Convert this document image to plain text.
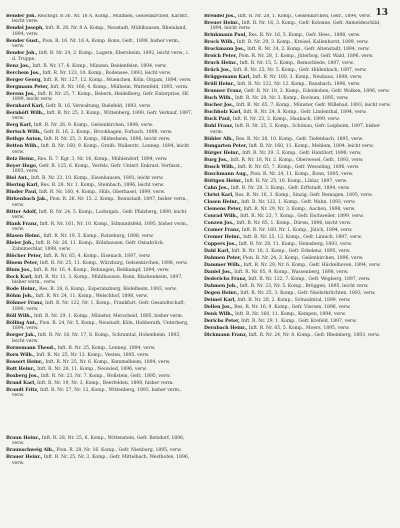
13
Bender Joh. Reichsgr. R 36. Nr. 16 A. Komp., Müllmen, Gelsenkirchen, Karlstr., leicht verw.
Bendel Joseph, Inft. R. 28. Nr. 8 A. Komp., Neustadt, Mühlhausen, Rheinland, 1894, verw.
Bender Gust., Pion. R. 16. Nr. 16 A. Komp. Bonn, Gefr., 1898, bisher verm., verw.
Bender Joh., Inft. R. Nr. 24, 2. Komp., Lagern, Ebersheim, 1892, leicht verw., i. d. Truppe.
Benz Jos., Inft. R. Nr. 17, 6. Komp., Münzen, Beidenfelsn, 1894, verw.
Berchem Jos., Inft. R. Nr. 123, 10. Komp., Bodensee, 1893, leicht verw.
Berger Georg, Inft. R. Nr. 127, 12. Komp., Muenchen, Köln, Orgam, 1894, verw.
Bergmann Peter, Inft. R. Nr. 160, 4. Komp., Mülheim, Wattenfeld, 1893, verm.
Berens Jos., Inft. R. Nr. 25, 7. Komp., Bebern, Heidelberg, Gefr. Enterprise, Hf. 1899, leicht verw.
Bernhard Karl, Gefr. R. 16, Verwaltung, Bielefeld, 1893, verw.
Bernhöft Wilh., Inft. R. Nr. 25, 3. Komp., Wittenberg, 1890, Gefr. Verkauf, 1897, verw.
Berg Karl, Inft. R. Nr. 26, 9. Komp., Gelsenkirchen, 1898, verw.
Bertsch Wilh., Gefr. R. 16, 2. Komp., Brookhagen, Forbach, 1898, verw.
Bethge Anton, Inft. R. Nr. 25, 3. Komp., Hildesheim, 1896, leicht verw.
Betten Wilh., Inft. R. Nr. 160, 9. Komp., Greifs. Wallerstr., Lennep, 1894, leicht verw.
Betz Heinr., Res. R. 7. Kgr. 3, Nr. 16, Komp., Mühlendorf, 1894, verw.
Beyer Hugo, Gefr. R. 125, 6. Komp., Verfels, Gefr. Unterf. Enkrast. Verfasst., 1893, verw.
Biel Ant., Inft. R. Nr. 23, 10. Komp., Eisenhausen, 1893, leicht verw.
Biering Karl, Res. R. 28. Nr. 1, Komp., Steinbach, 1896, leicht verw.
Binder Paul, Inft. R. Nr. 160, 4. Komp., Hüls, Oberhasel, 1899, verw.
Birkenbach Jak., Pion. R. 26. Nr. 15. 2. Komp., Bonnstadt, 1897, bisher verm., verw.
Bitter Adolf, Inft. R. Nr. 24, 5. Komp., Ludwigsb., Gefr. Pfalzberg, 1899, leicht verw.
Blank Franz, Inft. R. Nr. 161, Nr. 10. Komp., Edmundsfeld, 1895, bisher verm., verw.
Blasen Heinr., Inft. R. Nr. 19, 5. Komp., Ratzeburg, 1898, verw.
Bleier Joh., Inft. R. Nr. 26, 11. Komp., Kölnhausen, Gefr. Osnabrück, Zahnmechlar, 1898, verw.
Blöcher Peter, Inft. R. Nr. 65, 4. Komp., Eisenach, 1897, verw.
Bloem Peter, Inft. R. Nr. 25, 11. Komp., Würzburg, Gelsenkirchen, 1898, verw.
Blum Jos., Inft. R. Nr. 16, 4. Komp., Rebungen, Reitkampf, 1894, verw.
Bock Karl, Inft. R. Nr. 11, 3. Komp., Mühlhausen, Bonn, Blackenheim, 1897, bisher verm., verw.
Bode Heinr., Res. R. 28, 6. Komp., Esperanzburg, Rödelheim, 1893, verw.
Böhm Joh., Inft. R. Nr. 24, 11. Komp., Welschhof, 1898, verw.
Böhmer Franz, Inft. R. Nr. 122, Nr. 1, Komp., Frankfurt, Gefr. Gesandtschaft, 1896, verw.
Böll Wilh., Inft. R. Nr. 29, 1. Komp., Münster, Merscheid, 1895, bisher verm.
Bölling Ant., Pion. R. 24, Nr. 5, Komp., Neustadt, Köln, Hobberath, Unterberg, 1894, verw.
Borger Jak., Inft. R. Nr. 16, Nr. 17, 8. Komp., Schramtal, Hohenheim, 1893, leicht verw.
Bornemann Theod., Inft. R. Nr. 25, Komp., Lennep, 1894, verw.
Born Wilh., Inft. R. Nr. 25, Nr. 12. Komp., Vesten, 1895, verw.
Bossert Heinr., Inft. R. Nr. 25, Nr. 6. Komp., Kemmelheim, 1894, verw.
Bott Heinr., Inft. R. Nr. 28, 11. Komp., Neuwied, 1896, verw.
Boxberg Jos., Inft. R. Nr. 23, Nr. 7. Komp., Wollstein, Gefr., 1895, verw.
Brand Karl, Inft. R. Nr. 19, Nr. 3, Komp., Beerfelden, 1898, bisher verm.
Brandt Fritz, Inft. R. Nr. 27, Nr. 12, Komp., Wittenberg, 1893, bisher verm., verw.
Braun Heinr., Inft. R. 28, Nr. 25, 6. Komp., Wittenstein, Gefr. Betzdorf, 1896, verw.
Braunschweig Alb., Pion. R. 28, Nr. 16. Komp., Gefr. Nienburg, 1895, verw.
Brauer Heinr., Inft. R. Nr. 25, Nr. 3, Komp., Gefr. Mittelbach, Westhofen, 1896, verw.
Brendel Jos., Inft. R. Nr. 28, 1. Komp., Gelsenkirchen, Gefr., 1894, verw.
Breuer Heinr., Inft. R. Nr. 16, 3. Komp., Gefr. Kolonne, Gefr. Anmeldeschild, 1894, leicht verw.
Brinkmann Paul, Res. R. Nr. 16, 5. Komp., Gefr. Hess., 1898, verw.
Brock Wilh., Inft. R. Nr. 29, 3. Komp., Kreisel, Kallenhorst, 1899, verw.
Brockmann Jos., Inft. R. Nr. 24, 2. Komp., Gefr. Altenstadt, 1894, verw.
Broich Peter, Pion. R. Nr. 28, 1. Komp., Jüterbog, Gefr. Wald, 1896, verw.
Bruch Heinr., Inft. R. Nr. 15, 5. Komp., Remschlede, 1897, verw.
Brück Jos., Inft. R. Nr. 25, Nr. 5. Komp., Gefr. Hildenbach, 1897, verw.
Brüggemann Karl, Inft. R. Nr. 160, 3. Komp., Neuhaus, 1898, verw.
Brüll Heinr., Inft. R. Nr. 122, Nr. 12. Komp., Ransbach, 1896, verw.
Brunner Franz, Gefr. R. Nr. 18, 3. Komp., Edenkoben, Gefr. Wolken, 1896, verw.
Buch Wilh., Inft. R. Nr. 28, Nr. 3. Komp., Bochum, 1895, verw.
Bucher Jos., Inft. R. Nr. 65, 7. Komp., Münster, Gefr. Willebad, 1893, leicht verw.
Buchholz Karl, Inft. R. Nr. 24, 8. Komp., Gefr. Lindenthal, 1894, verw.
Buck Paul, Inft. R. Nr. 23, 3. Komp., Haubach, 1899, verw.
Buhl Franz, Inft. R. Nr. 25, 3. Komp., Schönau, Gefr. Leipheim, 1897, bisher verm.
Bühler Alb., Res. R. Nr. 28, 10. Komp., Gefr. Tiefenbach, 1895, verw.
Bungarten Peter, Inft. R. Nr. 160, 11. Komp., Mehlem, 1894, leicht verw.
Bürger Heinr., Inft. R. Nr. 29, 3. Komp., Gefr. Hanfdorf, 1898, verw.
Burg Jos., Inft. R. Nr. 16, Nr. 2. Komp., Oberwesel, Gefr., 1893, verw.
Busch Wilh., Inft. R. Nr. 65, 7. Komp., Gefr. Wesseling, 1896, verw.
Buschmann Aug., Pion. R. Nr. 24, 11. Komp., Bonn, 1895, verw.
Büttgen Heinr., Inft. R. Nr. 25, 10. Komp., Liblar, 1897, verw.
Cahn Jos., Inft. R. Nr. 28, 3. Komp., Gefr. Erftstadt, 1894, verw.
Christ Karl, Res. R. Nr. 16, 3. Komp., Sinzig, Gefr. Remagen, 1895, verw.
Clasen Heinr., Inft. R. Nr. 122, 1. Komp., Gefr. Wahn, 1893, verw.
Clemens Peter, Inft. R. Nr. 29, Nr. 3. Komp., Aachen, 1898, verw.
Conrad Wilh., Inft. R. Nr. 23, 7. Komp., Gefr. Eschweiler, 1899, verw.
Conzen Jos., Inft. R. Nr. 65, 1. Komp., Düren, 1896, leicht verw.
Cramer Franz, Inft. R. Nr. 160, Nr. 1. Komp., Jülich, 1894, verw.
Cremer Heinr., Inft. R. Nr. 25, 12. Komp., Gefr. Linnich, 1897, verw.
Cuppers Jos., Inft. R. Nr. 28, 11. Komp., Heinsberg, 1893, verw.
Dahl Karl, Inft. R. Nr. 16, 3. Komp., Gefr. Erkelenz, 1895, verw.
Dahmen Peter, Pion. R. Nr. 24, 3. Komp., Geilenkirchen, 1896, verw.
Dammer Wilh., Inft. R. Nr. 29, Nr. 6. Komp., Gefr. Hückelhoven, 1894, verw.
Daniel Jos., Inft. R. Nr. 65, 9. Komp., Wassenberg, 1898, verw.
Dederichs Franz, Inft. R. Nr. 122, 7. Komp., Gefr. Wegberg, 1897, verw.
Dahmen Joh., Inft. R. Nr. 23, Nr. 5. Komp., Brüggen, 1895, leicht verw.
Degen Heinr., Inft. R. Nr. 25, 3. Komp., Gefr. Niederkrüchten, 1893, verw.
Deimel Karl, Inft. R. Nr. 28, 2. Komp., Schwalmtal, 1899, verw.
Dellen Jos., Res. R. Nr. 16, 9. Komp., Gefr. Viersen, 1896, verw.
Denk Wilh., Inft. R. Nr. 160, 11. Komp., Kempen, 1894, verw.
Derichs Peter, Inft. R. Nr. 29, 1. Komp., Gefr. Krefeld, 1897, verw.
Dernbach Heinr., Inft. R. Nr. 65, 5. Komp., Moers, 1895, verw.
Dickmann Franz, Inft. R. Nr. 24, Nr. 8. Komp., Gefr. Rheinberg, 1893, verw.
